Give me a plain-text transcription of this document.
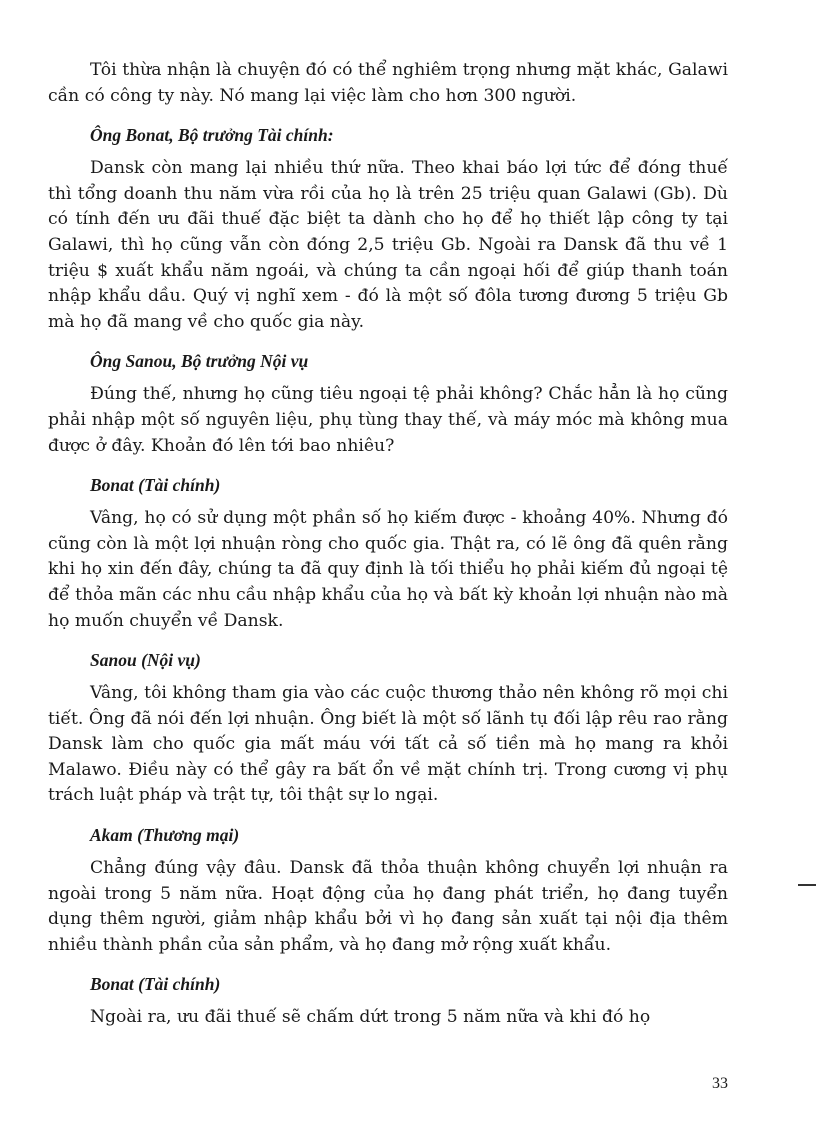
Tôi thừa nhận là chuyện đó có thể nghiêm trọng nhưng mặt khác, Galawi cần có công ty này. Nó mang lại việc làm cho hơn 300 người.

Ông Bonat, Bộ trưởng Tài chính:

Dansk còn mang lại nhiều thứ nữa. Theo khai báo lợi tức để đóng thuế thì tổng doanh thu năm vừa rồi của họ là trên 25 triệu quan Galawi (Gb). Dù có tính đến ưu đãi thuế đặc biệt ta dành cho họ để họ thiết lập công ty tại Galawi, thì họ cũng vẫn còn đóng 2,5 triệu Gb. Ngoài ra Dansk đã thu về 1 triệu $ xuất khẩu năm ngoái, và chúng ta cần ngoại hối để giúp thanh toán nhập khẩu dầu. Quý vị nghĩ xem - đó là một số đôla tương đương 5 triệu Gb mà họ đã mang về cho quốc gia này.

Ông Sanou, Bộ trưởng Nội vụ

Đúng thế, nhưng họ cũng tiêu ngoại tệ phải không? Chắc hẳn là họ cũng phải nhập một số nguyên liệu, phụ tùng thay thế, và máy móc mà không mua được ở đây. Khoản đó lên tới bao nhiêu?

Bonat (Tài chính)

Vâng, họ có sử dụng một phần số họ kiếm được - khoảng 40%. Nhưng đó cũng còn là một lợi nhuận ròng cho quốc gia. Thật ra, có lẽ ông đã quên rằng khi họ xin đến đây, chúng ta đã quy định là tối thiểu họ phải kiếm đủ ngoại tệ để thỏa mãn các nhu cầu nhập khẩu của họ và bất kỳ khoản lợi nhuận nào mà họ muốn chuyển về Dansk.

Sanou (Nội vụ)

Vâng, tôi không tham gia vào các cuộc thương thảo nên không rõ mọi chi tiết. Ông đã nói đến lợi nhuận. Ông biết là một số lãnh tụ đối lập rêu rao rằng Dansk làm cho quốc gia mất máu với tất cả số tiền mà họ mang ra khỏi Malawo. Điều này có thể gây ra bất ổn về mặt chính trị. Trong cương vị phụ trách luật pháp và trật tự, tôi thật sự lo ngại.

Akam (Thương mại)

Chẳng đúng vậy đâu. Dansk đã thỏa thuận không chuyển lợi nhuận ra ngoài trong 5 năm nữa. Hoạt động của họ đang phát triển, họ đang tuyển dụng thêm người, giảm nhập khẩu bởi vì họ đang sản xuất tại nội địa thêm nhiều thành phần của sản phẩm, và họ đang mở rộng xuất khẩu.

Bonat (Tài chính)

Ngoài ra, ưu đãi thuế sẽ chấm dứt trong 5 năm nữa và khi đó họ

33
